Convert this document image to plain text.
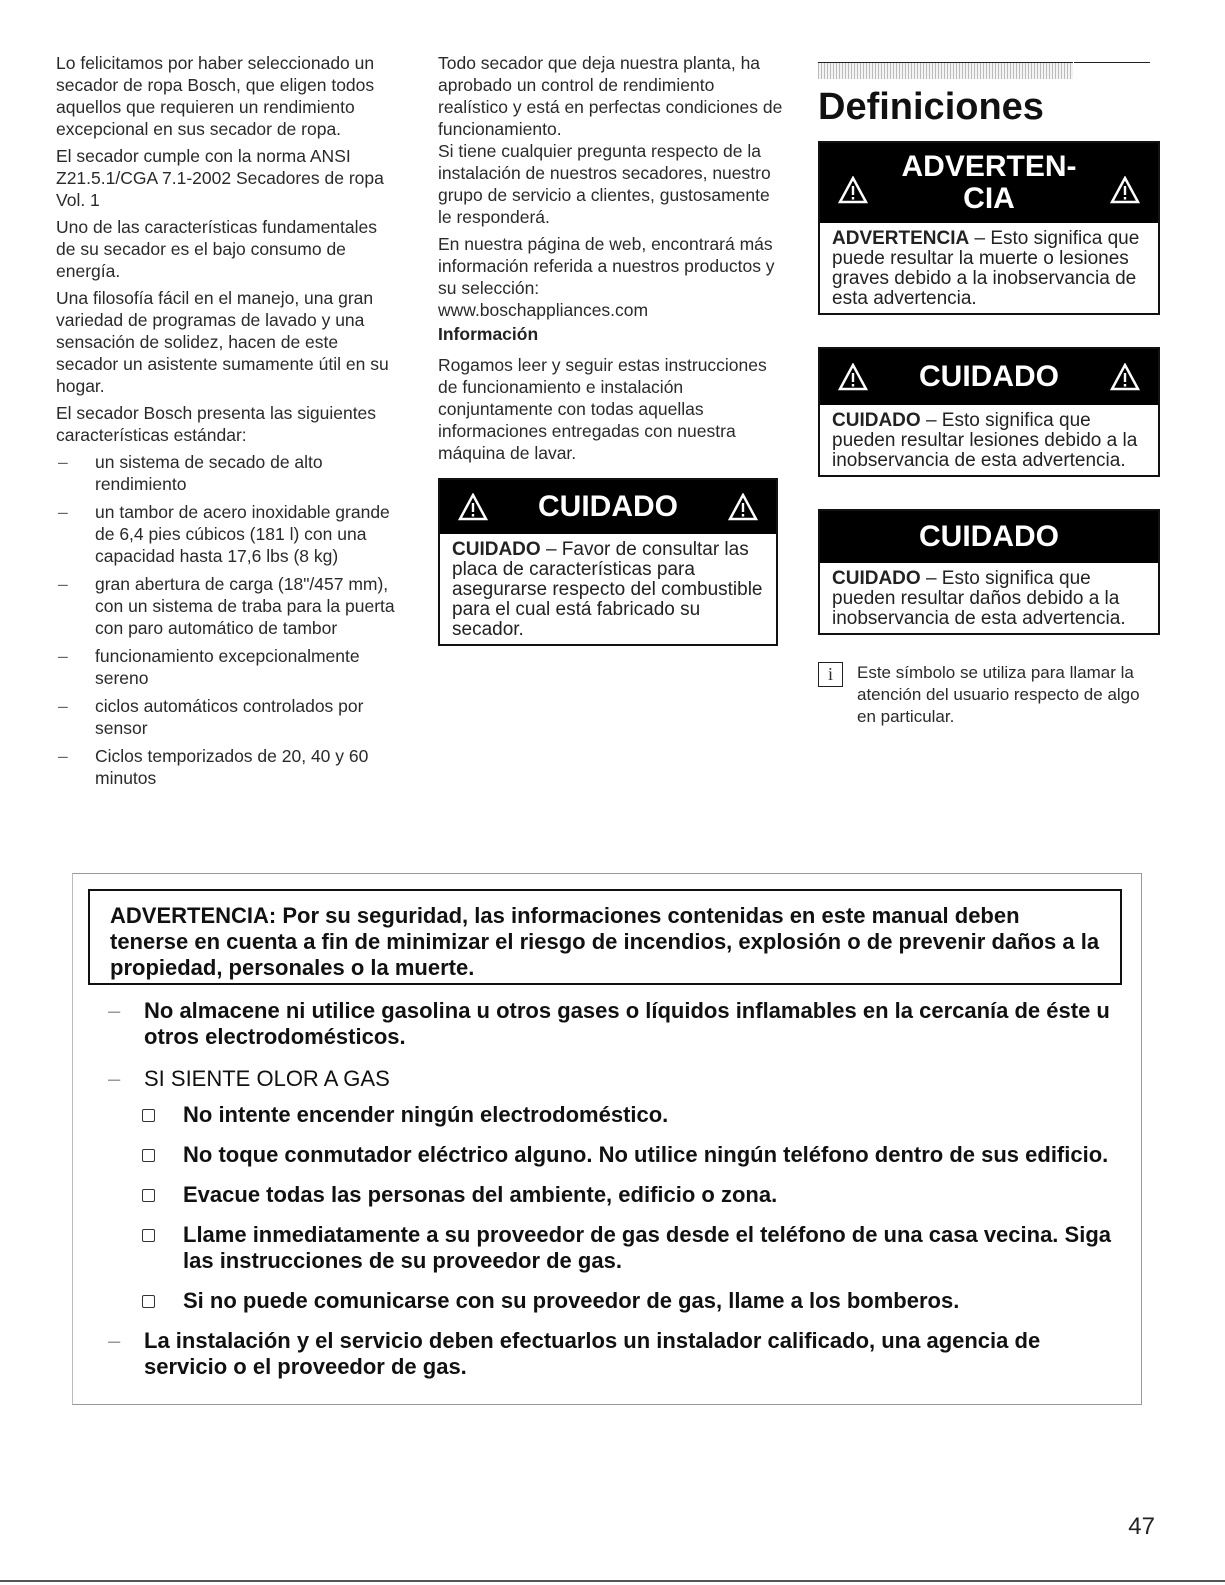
Lo felicitamos por haber seleccionado un secador de ropa Bosch, que eligen todos aquellos que requieren un rendimiento excepcional en sus secador de ropa.

El secador cumple con la norma ANSI Z21.5.1/CGA 7.1-2002 Secadores de ropa Vol. 1

Uno de las características fundamentales de su secador es el bajo consumo de energía.

Una filosofía fácil en el manejo, una gran variedad de programas de lavado y una sensación de solidez, hacen de este secador un asistente sumamente útil en su hogar.

El secador Bosch presenta las siguientes características estándar:

– un sistema de secado de alto rendimiento
– un tambor de acero inoxidable grande de 6,4 pies cúbicos (181 l) con una capacidad hasta 17,6 lbs (8 kg)
– gran abertura de carga (18"/457 mm), con un sistema de traba para la puerta con paro automático de tambor
– funcionamiento excepcionalmente sereno
– ciclos automáticos controlados por sensor
– Ciclos temporizados de 20, 40 y 60 minutos

Todo secador que deja nuestra planta, ha aprobado un control de rendimiento realístico y está en perfectas condiciones de funcionamiento.

Si tiene cualquier pregunta respecto de la instalación de nuestros secadores, nuestro grupo de servicio a clientes, gustosamente le responderá.

En nuestra página de web, encontrará más información referida a nuestros productos y su selección:
www.boschappliances.com

Información

Rogamos leer y seguir estas instrucciones de funcionamiento e instalación conjuntamente con todas aquellas informaciones entregadas con nuestra máquina de lavar.

CUIDADO
CUIDADO – Favor de consultar las placa de características para asegurarse respecto del combustible para el cual está fabricado su secador.
Definiciones
ADVERTEN-
CIA
ADVERTENCIA – Esto significa que puede resultar la muerte o lesiones graves debido a la inobservancia de esta advertencia.
CUIDADO
CUIDADO – Esto significa que pueden resultar lesiones debido a la inobservancia de esta advertencia.
CUIDADO
CUIDADO – Esto significa que pueden resultar daños debido a la inobservancia de esta advertencia.
i	Este símbolo se utiliza para llamar la atención del usuario respecto de algo en particular.
ADVERTENCIA: Por su seguridad, las informaciones contenidas en este manual deben tenerse en cuenta a fin de minimizar el riesgo de incendios, explosión o de prevenir daños a la propiedad, personales o la muerte.
– No almacene ni utilice gasolina u otros gases o líquidos inflamables en la cercanía de éste u otros electrodomésticos.
– SI SIENTE OLOR A GAS
No intente encender ningún electrodoméstico.
No toque conmutador eléctrico alguno. No utilice ningún teléfono dentro de sus edificio.
Evacue todas las personas del ambiente, edificio o zona.
Llame inmediatamente a su proveedor de gas desde el teléfono de una casa vecina. Siga las instrucciones de su proveedor de gas.
Si no puede comunicarse con su proveedor de gas, llame a los bomberos.
– La instalación y el servicio deben efectuarlos un instalador calificado, una agencia de servicio o el proveedor de gas.
47
